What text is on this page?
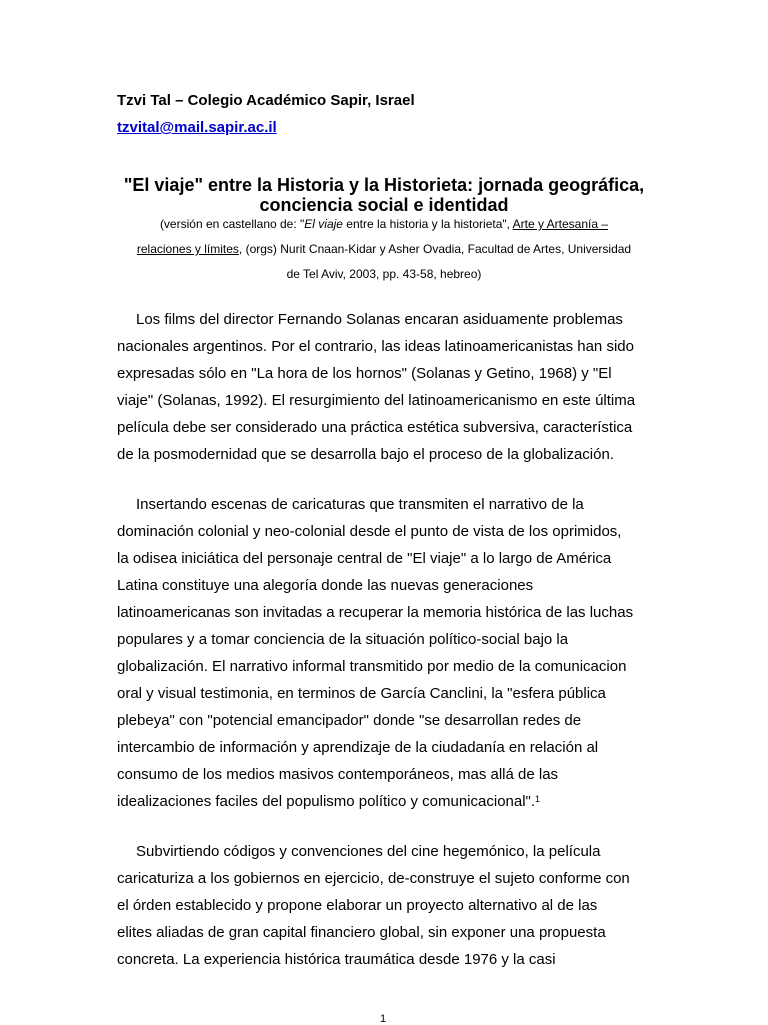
Tzvi Tal – Colegio Académico Sapir, Israel
tzvital@mail.sapir.ac.il
"El viaje" entre la Historia y la Historieta: jornada geográfica,
conciencia social e identidad
(versión en castellano de: "El viaje entre la historia y la historieta", Arte y Artesanía –
relaciones y límites, (orgs) Nurit Cnaan-Kidar y Asher Ovadia, Facultad de Artes, Universidad
de Tel Aviv, 2003, pp. 43-58, hebreo)
Los films del director Fernando Solanas encaran asiduamente problemas
nacionales argentinos. Por el contrario, las ideas latinoamericanistas han sido
expresadas sólo en "La hora de los hornos" (Solanas y Getino, 1968) y "El
viaje" (Solanas, 1992). El resurgimiento del latinoamericanismo en este última
película debe ser considerado una práctica estética subversiva, característica
de la posmodernidad que se desarrolla bajo el proceso de la globalización.
Insertando escenas de caricaturas que transmiten el narrativo de la
dominación colonial y neo-colonial desde el punto de vista de los oprimidos,
la odisea iniciática del personaje central de "El viaje" a lo largo de América
Latina constituye una alegoría donde las nuevas generaciones
latinoamericanas son invitadas a recuperar la memoria histórica de las luchas
populares y a tomar conciencia de la situación político-social bajo la
globalización. El narrativo informal transmitido por medio de la comunicacion
oral y visual testimonia, en terminos de García Canclini, la "esfera pública
plebeya" con "potencial emancipador" donde "se desarrollan redes de
intercambio de información y aprendizaje de la ciudadanía en relación al
consumo de los medios masivos contemporáneos, mas allá de las
idealizaciones faciles del populismo político y comunicacional".$^1$
Subvirtiendo códigos y convenciones del cine hegemónico, la película
caricaturiza a los gobiernos en ejercicio, de-construye el sujeto conforme con
el órden establecido y propone elaborar un proyecto alternativo al de las
elites aliadas de gran capital financiero global, sin exponer una propuesta
concreta. La experiencia histórica traumática desde 1976 y la casi
1
